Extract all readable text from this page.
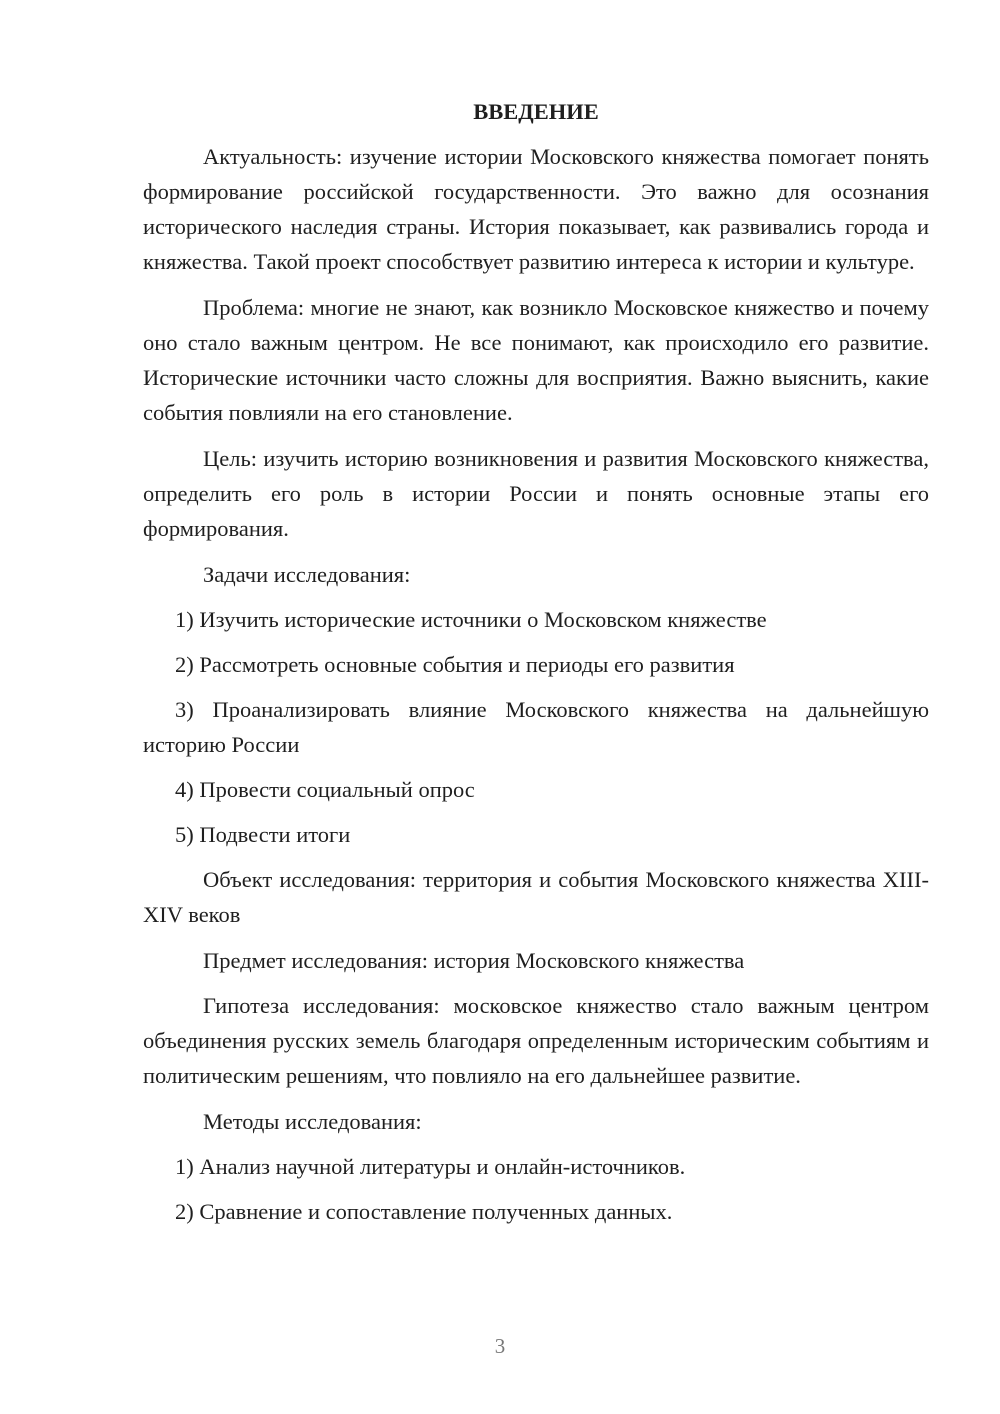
ВВЕДЕНИЕ

Актуальность: изучение истории Московского княжества помогает понять формирование российской государственности. Это важно для осознания исторического наследия страны. История показывает, как развивались города и княжества. Такой проект способствует развитию интереса к истории и культуре.

Проблема: многие не знают, как возникло Московское княжество и почему оно стало важным центром. Не все понимают, как происходило его развитие. Исторические источники часто сложны для восприятия. Важно выяснить, какие события повлияли на его становление.

Цель: изучить историю возникновения и развития Московского княжества, определить его роль в истории России и понять основные этапы его формирования.

Задачи исследования:

1) Изучить исторические источники о Московском княжестве

2) Рассмотреть основные события и периоды его развития

3) Проанализировать влияние Московского княжества на дальнейшую историю России

4) Провести социальный опрос

5) Подвести итоги

Объект исследования: территория и события Московского княжества XIII-XIV веков

Предмет исследования: история Московского княжества

Гипотеза исследования: московское княжество стало важным центром объединения русских земель благодаря определенным историческим событиям и политическим решениям, что повлияло на его дальнейшее развитие.

Методы исследования:

1) Анализ научной литературы и онлайн-источников.

2) Сравнение и сопоставление полученных данных.

3
